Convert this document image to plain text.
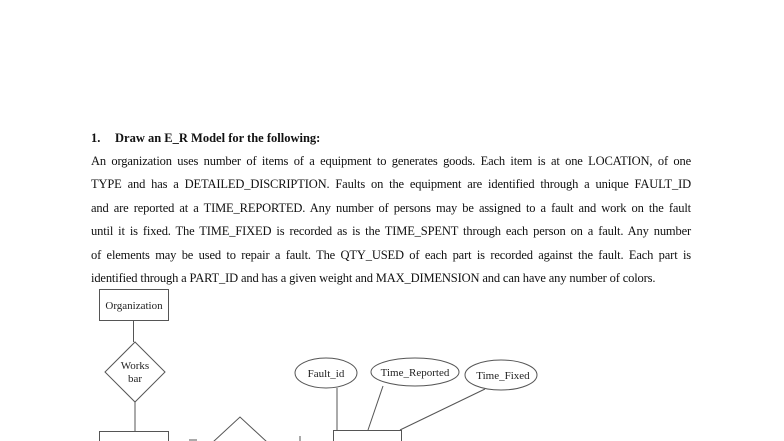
1. Draw an E_R Model for the following:

An organization uses number of items of a equipment to generates goods. Each item is at one LOCATION, of one
TYPE and has a DETAILED_DISCRIPTION. Faults on the equipment are identified through a unique FAULT_ID
and are reported at a TIME_REPORTED. Any number of persons may be assigned to a fault and work on the fault
until it is fixed. The TIME_FIXED is recorded as is the TIME_SPENT through each person on a fault. Any number
of elements may be used to repair a fault. The QTY_USED of each part is recorded against the fault. Each part is
identified through a PART_ID and has a given weight and MAX_DIMENSION and can have any number of colors.

Organization
Works
bar	Fault_id	Time_Reported Time_Fixed
